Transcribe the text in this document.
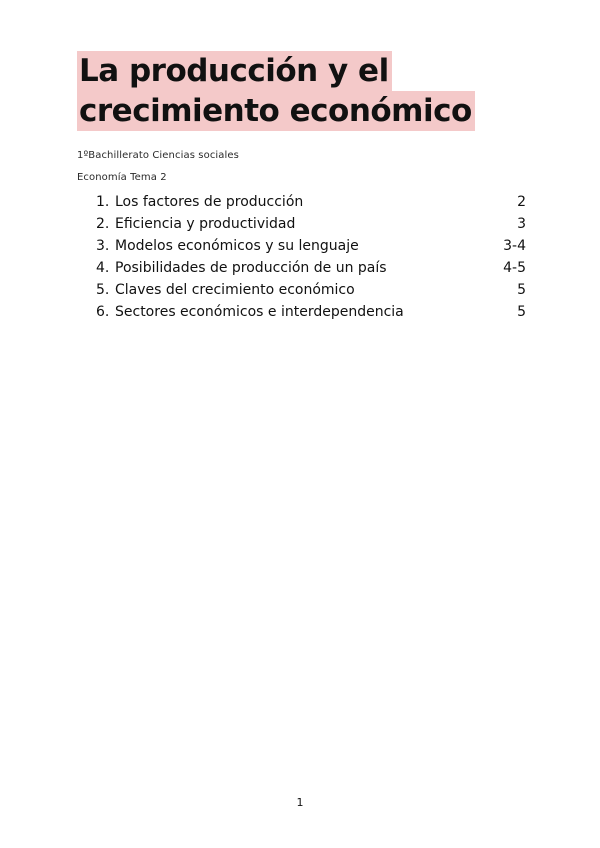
La producción y el
crecimiento económico
1ºBachillerato Ciencias sociales
Economía Tema 2
1. Los factores de producción	2
2. Eficiencia y productividad	3
3. Modelos económicos y su lenguaje	3-4
4. Posibilidades de producción de un país	4-5
5. Claves del crecimiento económico	5
6. Sectores económicos e interdependencia	5
1
